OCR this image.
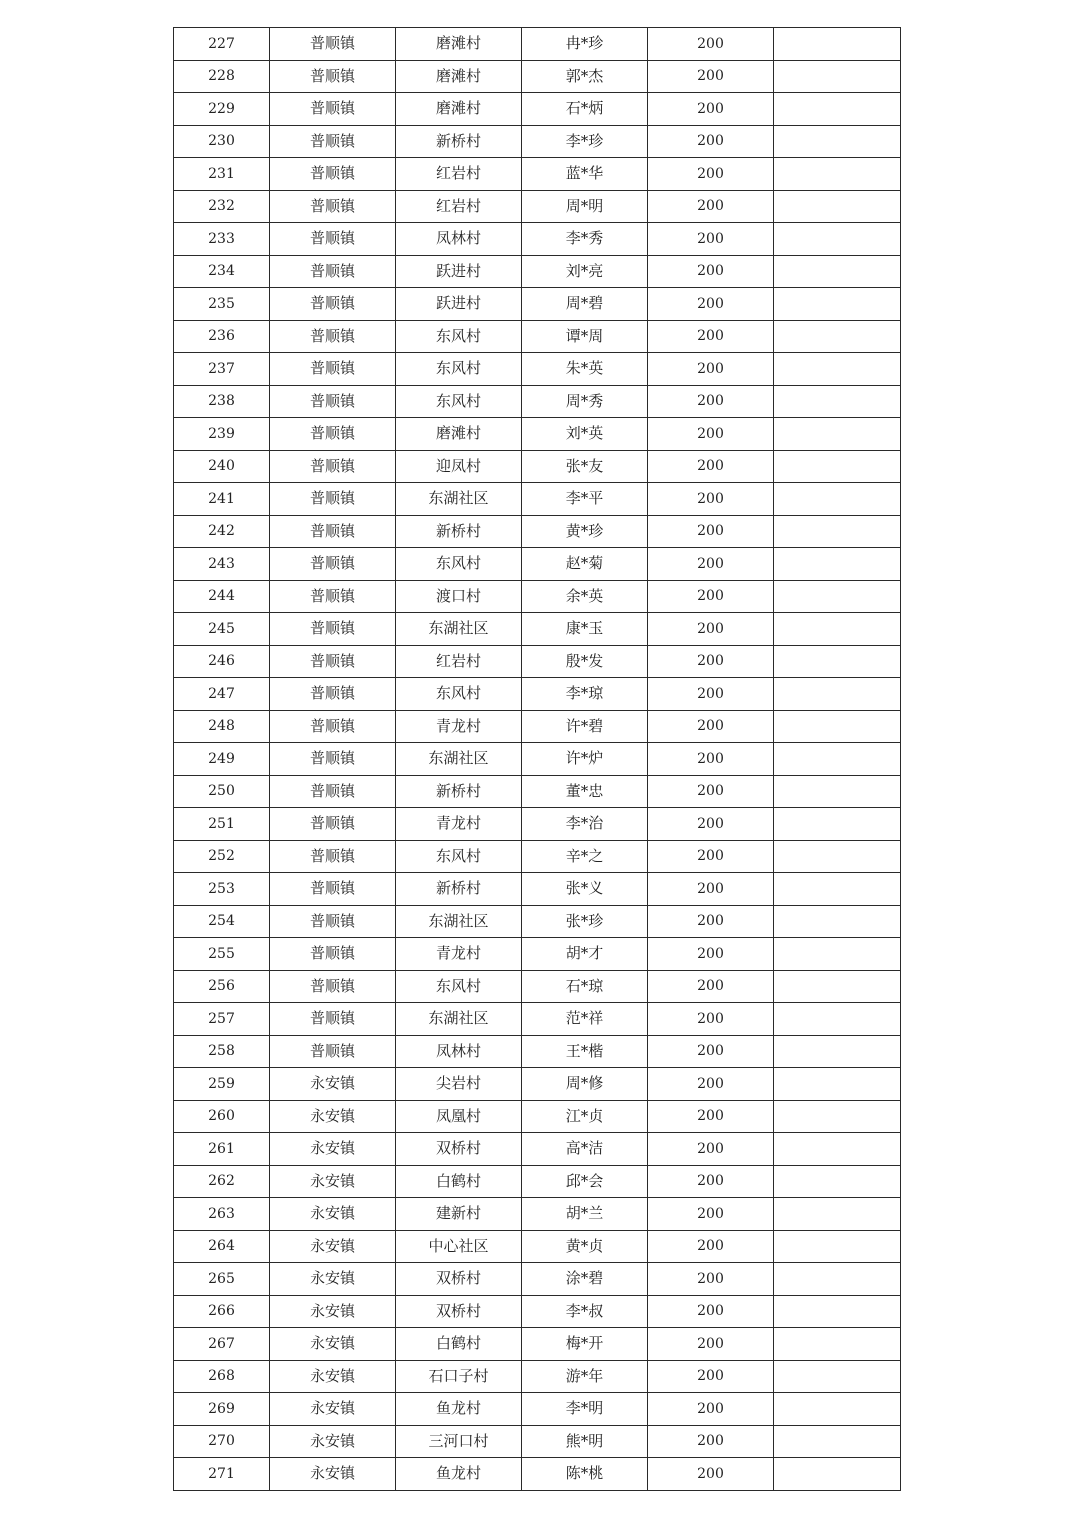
227	普顺镇	磨滩村	冉*珍	200	
228	普顺镇	磨滩村	郭*杰	200	
229	普顺镇	磨滩村	石*炳	200	
230	普顺镇	新桥村	李*珍	200	
231	普顺镇	红岩村	蓝*华	200	
232	普顺镇	红岩村	周*明	200	
233	普顺镇	凤林村	李*秀	200	
234	普顺镇	跃进村	刘*亮	200	
235	普顺镇	跃进村	周*碧	200	
236	普顺镇	东风村	谭*周	200	
237	普顺镇	东风村	朱*英	200	
238	普顺镇	东风村	周*秀	200	
239	普顺镇	磨滩村	刘*英	200	
240	普顺镇	迎凤村	张*友	200	
241	普顺镇	东湖社区	李*平	200	
242	普顺镇	新桥村	黄*珍	200	
243	普顺镇	东风村	赵*菊	200	
244	普顺镇	渡口村	余*英	200	
245	普顺镇	东湖社区	康*玉	200	
246	普顺镇	红岩村	殷*发	200	
247	普顺镇	东风村	李*琼	200	
248	普顺镇	青龙村	许*碧	200	
249	普顺镇	东湖社区	许*炉	200	
250	普顺镇	新桥村	董*忠	200	
251	普顺镇	青龙村	李*治	200	
252	普顺镇	东风村	辛*之	200	
253	普顺镇	新桥村	张*义	200	
254	普顺镇	东湖社区	张*珍	200	
255	普顺镇	青龙村	胡*才	200	
256	普顺镇	东风村	石*琼	200	
257	普顺镇	东湖社区	范*祥	200	
258	普顺镇	凤林村	王*楷	200	
259	永安镇	尖岩村	周*修	200	
260	永安镇	凤凰村	江*贞	200	
261	永安镇	双桥村	高*洁	200	
262	永安镇	白鹤村	邱*会	200	
263	永安镇	建新村	胡*兰	200	
264	永安镇	中心社区	黄*贞	200	
265	永安镇	双桥村	涂*碧	200	
266	永安镇	双桥村	李*叔	200	
267	永安镇	白鹤村	梅*开	200	
268	永安镇	石口子村	游*年	200	
269	永安镇	鱼龙村	李*明	200	
270	永安镇	三河口村	熊*明	200	
271	永安镇	鱼龙村	陈*桃	200	
